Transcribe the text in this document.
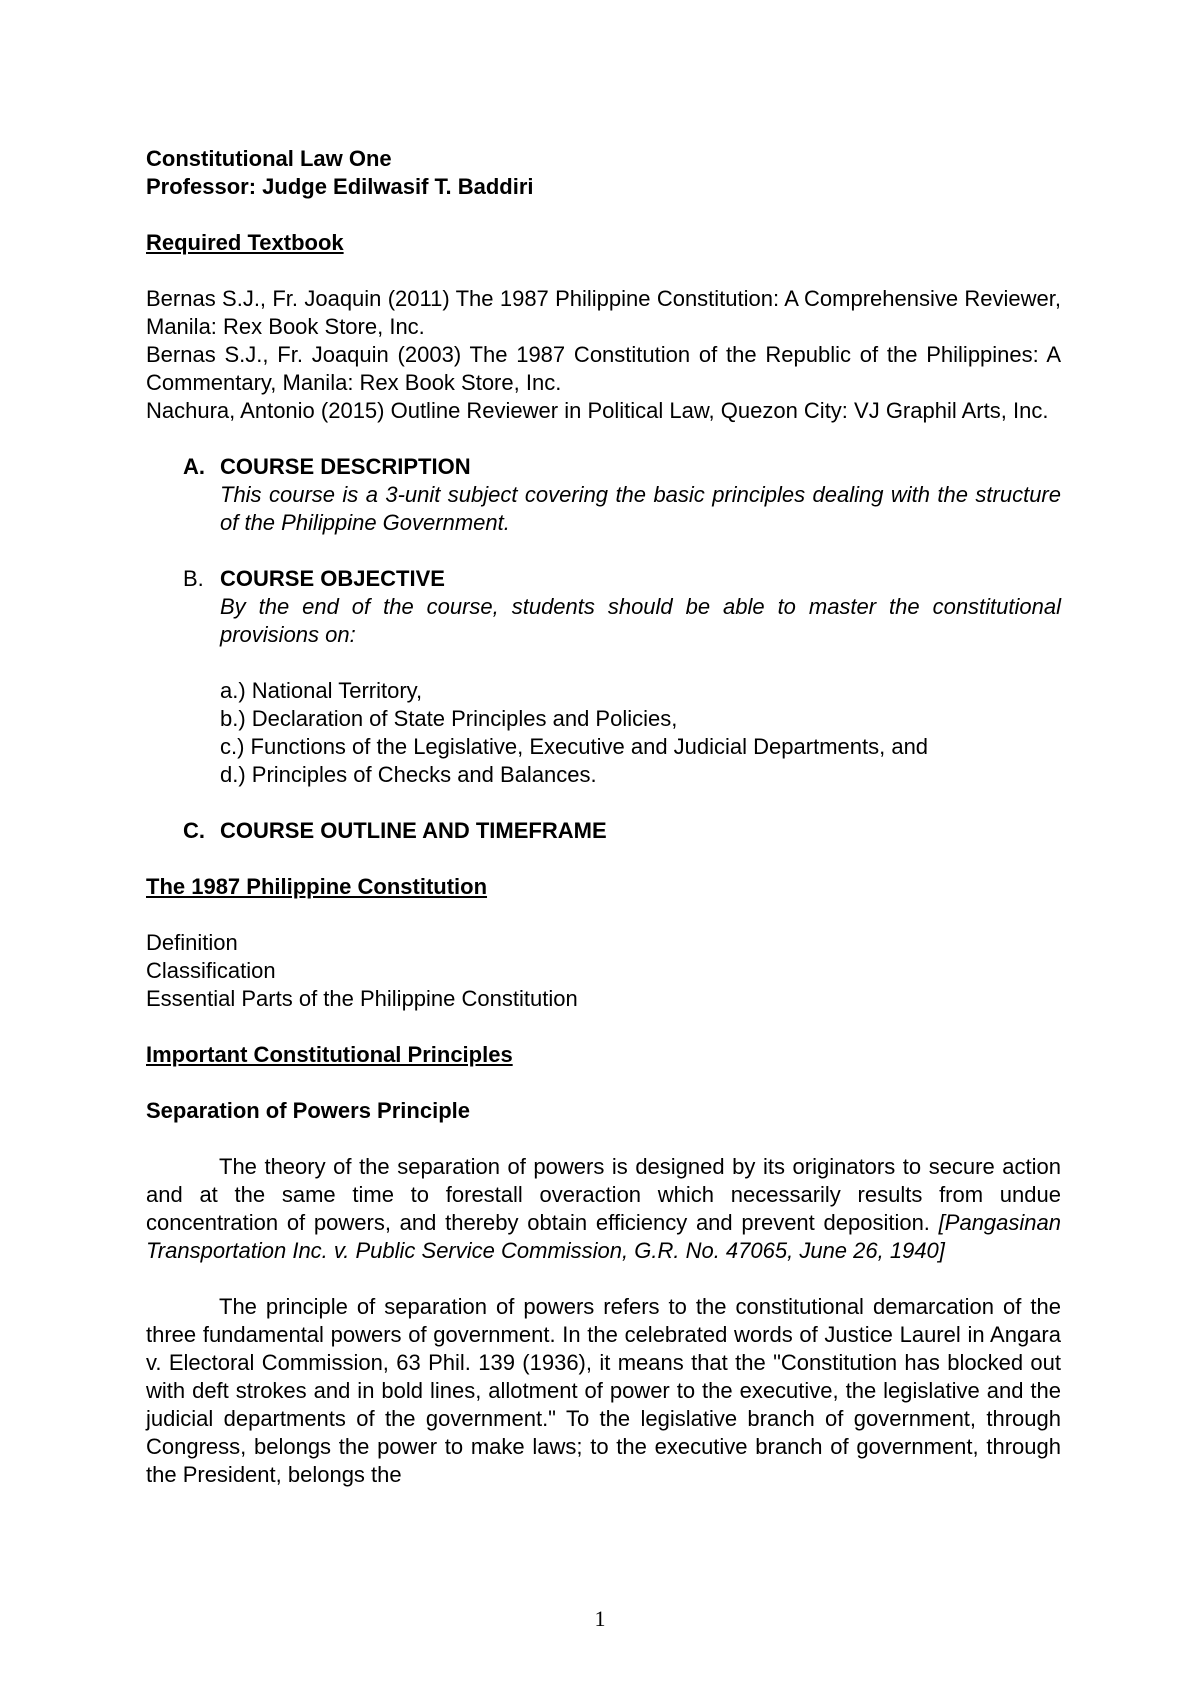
Constitutional Law One
Professor: Judge Edilwasif T. Baddiri
Required Textbook
Bernas S.J., Fr. Joaquin (2011) The 1987 Philippine Constitution: A Comprehensive Reviewer, Manila: Rex Book Store, Inc.
Bernas S.J., Fr. Joaquin (2003) The 1987 Constitution of the Republic of the Philippines: A Commentary, Manila: Rex Book Store, Inc.
Nachura, Antonio (2015) Outline Reviewer in Political Law, Quezon City: VJ Graphil Arts, Inc.
A. COURSE DESCRIPTION
This course is a 3-unit subject covering the basic principles dealing with the structure of the Philippine Government.
B. COURSE OBJECTIVE
By the end of the course, students should be able to master the constitutional provisions on:
a.) National Territory,
b.) Declaration of State Principles and Policies,
c.) Functions of the Legislative, Executive and Judicial Departments, and
d.) Principles of Checks and Balances.
C. COURSE OUTLINE AND TIMEFRAME
The 1987 Philippine Constitution
Definition
Classification
Essential Parts of the Philippine Constitution
Important Constitutional Principles
Separation of Powers Principle

The theory of the separation of powers is designed by its originators to secure action and at the same time to forestall overaction which necessarily results from undue concentration of powers, and thereby obtain efficiency and prevent deposition. [Pangasinan Transportation Inc. v. Public Service Commission, G.R. No. 47065, June 26, 1940]

The principle of separation of powers refers to the constitutional demarcation of the three fundamental powers of government. In the celebrated words of Justice Laurel in Angara v. Electoral Commission, 63 Phil. 139 (1936), it means that the "Constitution has blocked out with deft strokes and in bold lines, allotment of power to the executive, the legislative and the judicial departments of the government." To the legislative branch of government, through Congress, belongs the power to make laws; to the executive branch of government, through the President, belongs the

1
